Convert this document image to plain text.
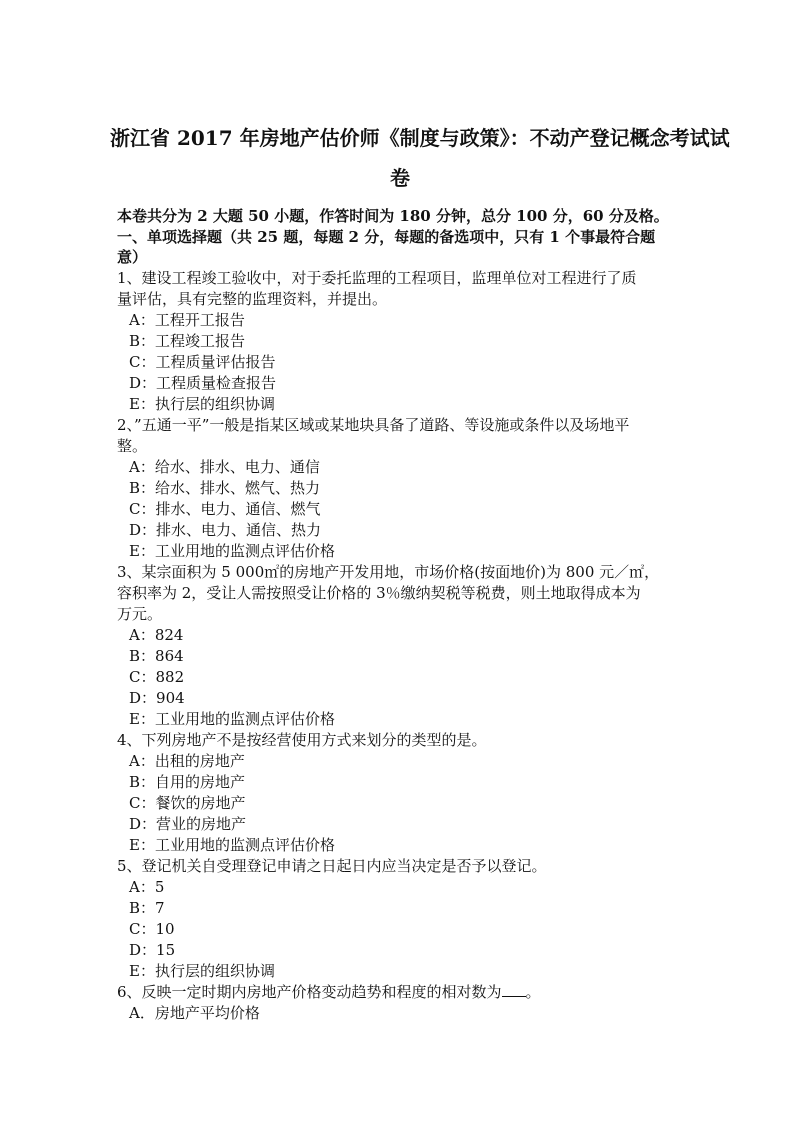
浙江省 2017 年房地产估价师《制度与政策》：不动产登记概念考试试
卷
本卷共分为 2 大题 50 小题，作答时间为 180 分钟，总分 100 分，60 分及格。
一、单项选择题（共 25 题，每题 2 分，每题的备选项中，只有 1 个事最符合题
意）
1、建设工程竣工验收中，对于委托监理的工程项目，监理单位对工程进行了质
量评估，具有完整的监理资料，并提出。
A：工程开工报告
B：工程竣工报告
C：工程质量评估报告
D：工程质量检查报告
E：执行层的组织协调
2、”五通一平”一般是指某区域或某地块具备了道路、等设施或条件以及场地平
整。
A：给水、排水、电力、通信
B：给水、排水、燃气、热力
C：排水、电力、通信、燃气
D：排水、电力、通信、热力
E：工业用地的监测点评估价格
3、某宗面积为 5 000㎡的房地产开发用地，市场价格(按面地价)为 800 元／㎡，
容积率为 2，受让人需按照受让价格的 3％缴纳契税等税费，则土地取得成本为
万元。
A：824
B：864
C：882
D：904
E：工业用地的监测点评估价格
4、下列房地产不是按经营使用方式来划分的类型的是。
A：出租的房地产
B：自用的房地产
C：餐饮的房地产
D：营业的房地产
E：工业用地的监测点评估价格
5、登记机关自受理登记申请之日起日内应当决定是否予以登记。
A：5
B：7
C：10
D：15
E：执行层的组织协调
6、反映一定时期内房地产价格变动趋势和程度的相对数为 。
A．房地产平均价格
